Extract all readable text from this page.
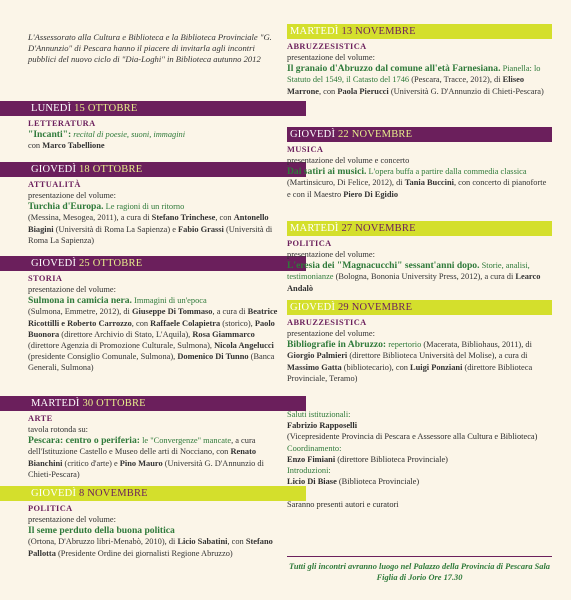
L'Assessorato alla Cultura e Biblioteca e la Biblioteca Provinciale "G. D'Annunzio" di Pescara hanno il piacere di invitarla agli incontri pubblici del nuovo ciclo di "Dia-Loghi" in Biblioteca autunno 2012
LUNEDÌ 15 OTTOBRE
LETTERATURA
"Incanti": recital di poesie, suoni, immagini
con Marco Tabellione
GIOVEDÌ 18 OTTOBRE
ATTUALITÀ
presentazione del volume:
Turchia d'Europa. Le ragioni di un ritorno
(Messina, Mesogea, 2011), a cura di Stefano Trinchese, con Antonello Biagini (Università di Roma La Sapienza) e Fabio Grassi (Università di Roma La Sapienza)
GIOVEDÌ 25 OTTOBRE
STORIA
presentazione del volume:
Sulmona in camicia nera. Immagini di un'epoca
(Sulmona, Emmetre, 2012), di Giuseppe Di Tommaso, a cura di Beatrice Ricottilli e Roberto Carrozzo, con Raffaele Colapietra (storico), Paolo Buonora (direttore Archivio di Stato, L'Aquila), Rosa Giammarco (direttore Agenzia di Promozione Culturale, Sulmona), Nicola Angelucci (presidente Consiglio Comunale, Sulmona), Domenico Di Tunno (Banca Generali, Sulmona)
MARTEDÌ 30 OTTOBRE
ARTE
tavola rotonda su:
Pescara: centro o periferia: le "Convergenze" mancate, a cura dell'Istituzione Castello e Museo delle arti di Nocciano, con Renato Bianchini (critico d'arte) e Pino Mauro (Università G. D'Annunzio di Chieti-Pescara)
GIOVEDÌ 8 NOVEMBRE
POLITICA
presentazione del volume:
Il seme perduto della buona politica
(Ortona, D'Abruzzo libri-Menabò, 2010), di Licio Sabatini, con Stefano Pallotta (Presidente Ordine dei giornalisti Regione Abruzzo)
MARTEDÌ 13 NOVEMBRE
ABRUZZESISTICA
presentazione del volume:
Il granaio d'Abruzzo dal comune all'età Farnesiana. Pianella: lo Statuto del 1549, il Catasto del 1746 (Pescara, Tracce, 2012), di Eliseo Marrone, con Paola Pierucci (Università G. D'Annunzio di Chieti-Pescara)
GIOVEDÌ 22 NOVEMBRE
MUSICA
presentazione del volume e concerto
Dai satiri ai musici. L'opera buffa a partire dalla commedia classica (Martinsicuro, Di Felice, 2012), di Tania Buccini, con concerto di pianoforte e con il Maestro Piero Di Egidio
MARTEDÌ 27 NOVEMBRE
POLITICA
presentazione del volume:
L'eresia dei "Magnacucchi" sessant'anni dopo. Storie, analisi, testimonianze (Bologna, Bononia University Press, 2012), a cura di Learco Andalò
GIOVEDÌ 29 NOVEMBRE
ABRUZZESISTICA
presentazione del volume:
Bibliografie in Abruzzo: repertorio (Macerata, Bibliohaus, 2011), di Giorgio Palmieri (direttore Biblioteca Università del Molise), a cura di Massimo Gatta (bibliotecario), con Luigi Ponziani (direttore Biblioteca Provinciale, Teramo)
Saluti istituzionali:
Fabrizio Rapposelli
(Vicepresidente Provincia di Pescara e Assessore alla Cultura e Biblioteca)
Coordinamento:
Enzo Fimiani (direttore Biblioteca Provinciale)
Introduzioni:
Licio Di Biase (Biblioteca Provinciale)

Saranno presenti autori e curatori
Tutti gli incontri avranno luogo nel Palazzo della Provincia di Pescara Sala Figlia di Jorio Ore 17.30
